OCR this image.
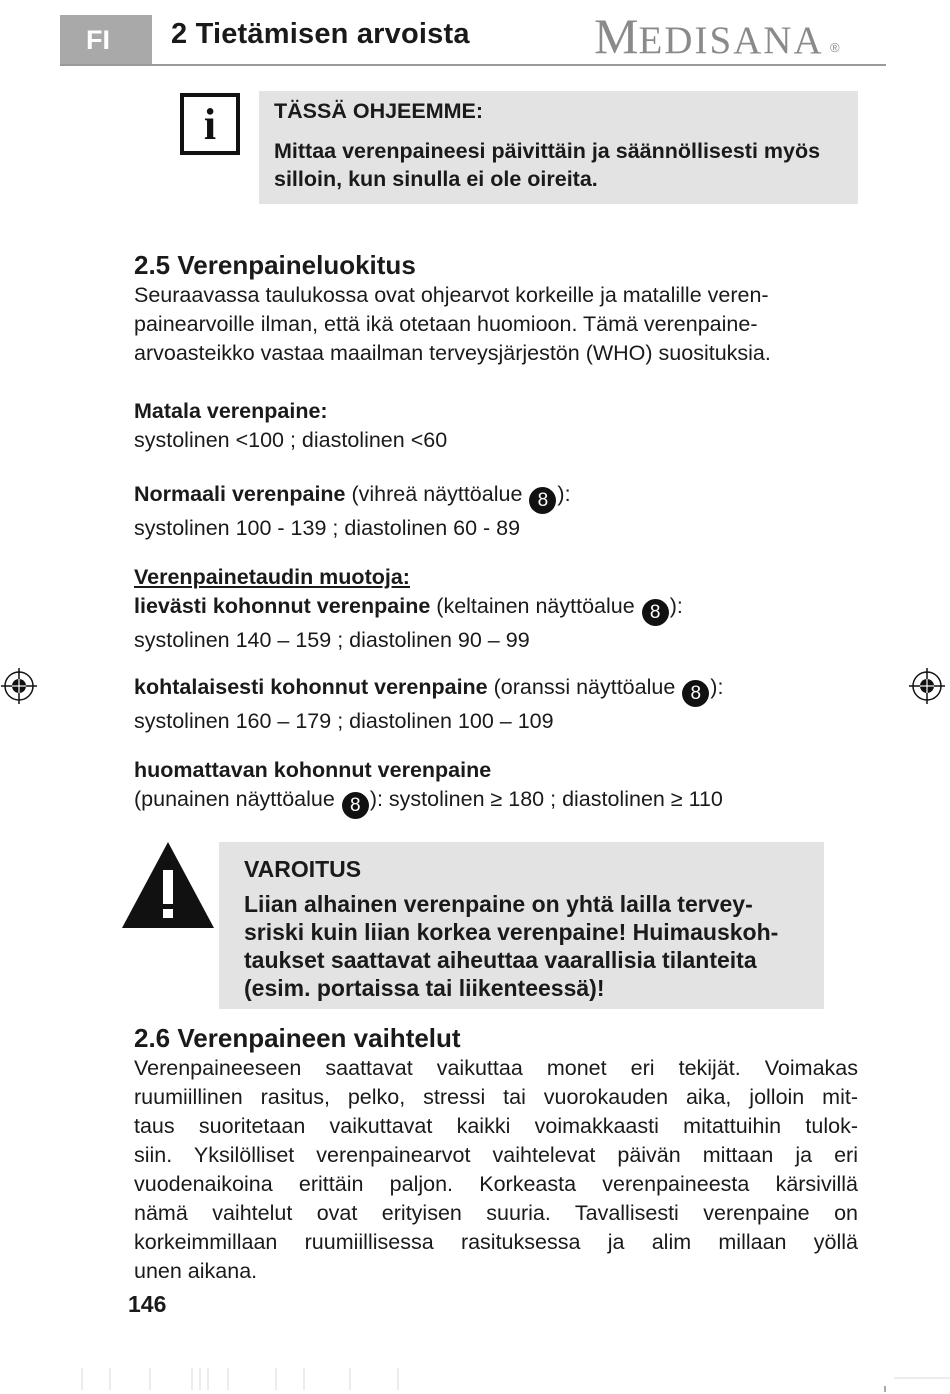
FI	2 Tietämisen arvoista MEDISANA ®
i	TÄSSÄ OHJEEMME:
Mittaa verenpaineesi päivittäin ja säännöllisesti myös silloin, kun sinulla ei ole oireita.
2.5 Verenpaineluokitus
Seuraavassa taulukossa ovat ohjearvot korkeille ja matalille veren-
painearvoille ilman, että ikä otetaan huomioon. Tämä verenpaine-
arvoasteikko vastaa maailman terveysjärjestön (WHO) suosituksia.
Matala verenpaine:
systolinen <100 ; diastolinen <60
Normaali verenpaine (vihreä näyttöalue 8 ):
systolinen 100 - 139 ; diastolinen 60 - 89
Verenpainetaudin muotoja:
lievästi kohonnut verenpaine (keltainen näyttöalue 8 ):
systolinen 140 – 159 ; diastolinen 90 – 99
kohtalaisesti kohonnut verenpaine (oranssi näyttöalue 8 ):
systolinen 160 – 179 ; diastolinen 100 – 109
huomattavan kohonnut verenpaine
(punainen näyttöalue 8 ): systolinen ≥ 180 ; diastolinen ≥ 110
VAROITUS
Liian alhainen verenpaine on yhtä lailla tervey-
sriski kuin liian korkea verenpaine! Huimauskoh-
taukset saattavat aiheuttaa vaarallisia tilanteita
(esim. portaissa tai liikenteessä)!
2.6 Verenpaineen vaihtelut
Verenpaineeseen saattavat vaikuttaa monet eri tekijät. Voimakas
ruumiillinen rasitus, pelko, stressi tai vuorokauden aika, jolloin mit-
taus suoritetaan vaikuttavat kaikki voimakkaasti mitattuihin tulok-
siin. Yksilölliset verenpainearvot vaihtelevat päivän mittaan ja eri
vuodenaikoina erittäin paljon. Korkeasta verenpaineesta kärsivillä
nämä vaihtelut ovat erityisen suuria. Tavallisesti verenpaine on
korkeimmillaan ruumiillisessa rasituksessa ja alim millaan yöllä
unen aikana.
146
